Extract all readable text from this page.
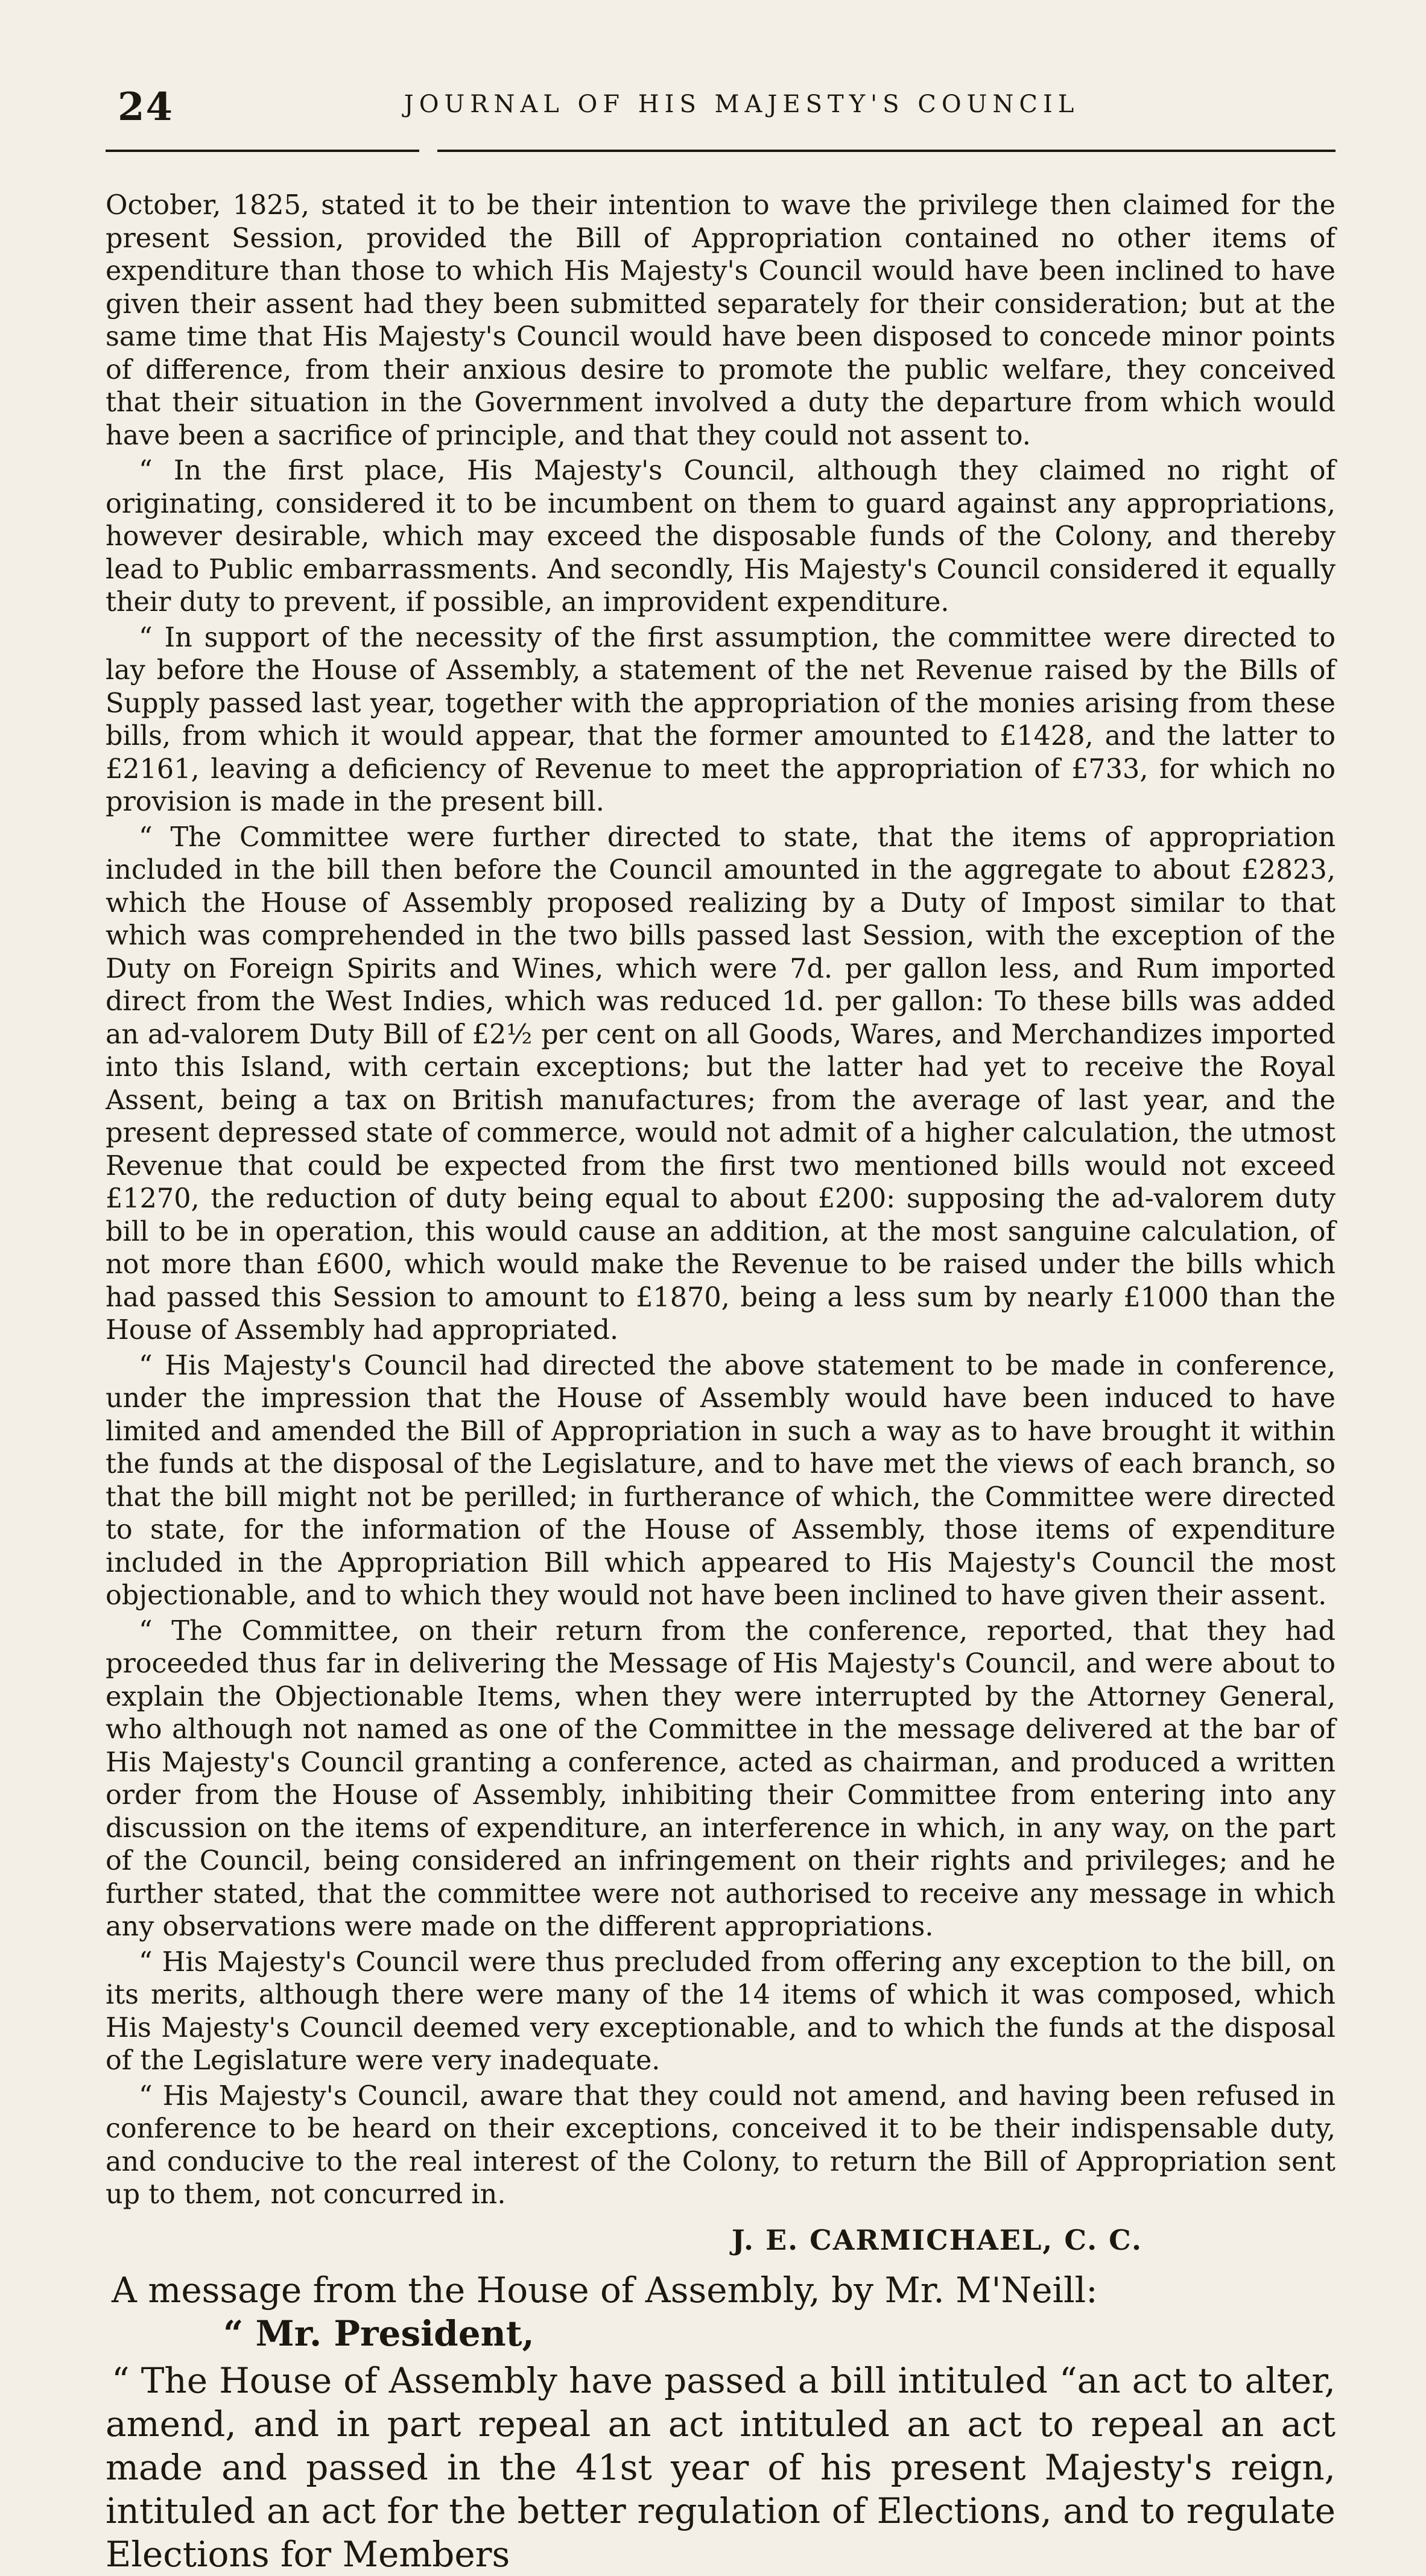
24	JOURNAL OF HIS MAJESTY'S COUNCIL

October, 1825, stated it to be their intention to wave the privilege then claimed for the present Session, provided the Bill of Appropriation contained no other items of expenditure than those to which His Majesty's Council would have been inclined to have given their assent had they been submitted separately for their consideration; but at the same time that His Majesty's Council would have been disposed to concede minor points of difference, from their anxious desire to promote the public welfare, they conceived that their situation in the Government involved a duty the departure from which would have been a sacrifice of principle, and that they could not assent to.

“ In the first place, His Majesty's Council, although they claimed no right of originating, considered it to be incumbent on them to guard against any appropriations, however desirable, which may exceed the disposable funds of the Colony, and thereby lead to Public embarrassments. And secondly, His Majesty's Council considered it equally their duty to prevent, if possible, an improvident expenditure.

“ In support of the necessity of the first assumption, the committee were directed to lay before the House of Assembly, a statement of the net Revenue raised by the Bills of Supply passed last year, together with the appropriation of the monies arising from these bills, from which it would appear, that the former amounted to £1428, and the latter to £2161, leaving a deficiency of Revenue to meet the appropriation of £733, for which no provision is made in the present bill.

“ The Committee were further directed to state, that the items of appropriation included in the bill then before the Council amounted in the aggregate to about £2823, which the House of Assembly proposed realizing by a Duty of Impost similar to that which was comprehended in the two bills passed last Session, with the exception of the Duty on Foreign Spirits and Wines, which were 7d. per gallon less, and Rum imported direct from the West Indies, which was reduced 1d. per gallon: To these bills was added an ad-valorem Duty Bill of £2½ per cent on all Goods, Wares, and Merchandizes imported into this Island, with certain exceptions; but the latter had yet to receive the Royal Assent, being a tax on British manufactures; from the average of last year, and the present depressed state of commerce, would not admit of a higher calculation, the utmost Revenue that could be expected from the first two mentioned bills would not exceed £1270, the reduction of duty being equal to about £200: supposing the ad-valorem duty bill to be in operation, this would cause an addition, at the most sanguine calculation, of not more than £600, which would make the Revenue to be raised under the bills which had passed this Session to amount to £1870, being a less sum by nearly £1000 than the House of Assembly had appropriated.

“ His Majesty's Council had directed the above statement to be made in conference, under the impression that the House of Assembly would have been induced to have limited and amended the Bill of Appropriation in such a way as to have brought it within the funds at the disposal of the Legislature, and to have met the views of each branch, so that the bill might not be perilled; in furtherance of which, the Committee were directed to state, for the information of the House of Assembly, those items of expenditure included in the Appropriation Bill which appeared to His Majesty's Council the most objectionable, and to which they would not have been inclined to have given their assent.

“ The Committee, on their return from the conference, reported, that they had proceeded thus far in delivering the Message of His Majesty's Council, and were about to explain the Objectionable Items, when they were interrupted by the Attorney General, who although not named as one of the Committee in the message delivered at the bar of His Majesty's Council granting a conference, acted as chairman, and produced a written order from the House of Assembly, inhibiting their Committee from entering into any discussion on the items of expenditure, an interference in which, in any way, on the part of the Council, being considered an infringement on their rights and privileges; and he further stated, that the committee were not authorised to receive any message in which any observations were made on the different appropriations.

“ His Majesty's Council were thus precluded from offering any exception to the bill, on its merits, although there were many of the 14 items of which it was composed, which His Majesty's Council deemed very exceptionable, and to which the funds at the disposal of the Legislature were very inadequate.

“ His Majesty's Council, aware that they could not amend, and having been refused in conference to be heard on their exceptions, conceived it to be their indispensable duty, and conducive to the real interest of the Colony, to return the Bill of Appropriation sent up to them, not concurred in.

J. E. CARMICHAEL, C. C.

A message from the House of Assembly, by Mr. M'Neill:

“ Mr. President,

“ The House of Assembly have passed a bill intituled “an act to alter, amend, and in part repeal an act intituled an act to repeal an act made and passed in the 41st year of his present Majesty's reign, intituled an act for the better regulation of Elections, and to regulate Elections for Members
